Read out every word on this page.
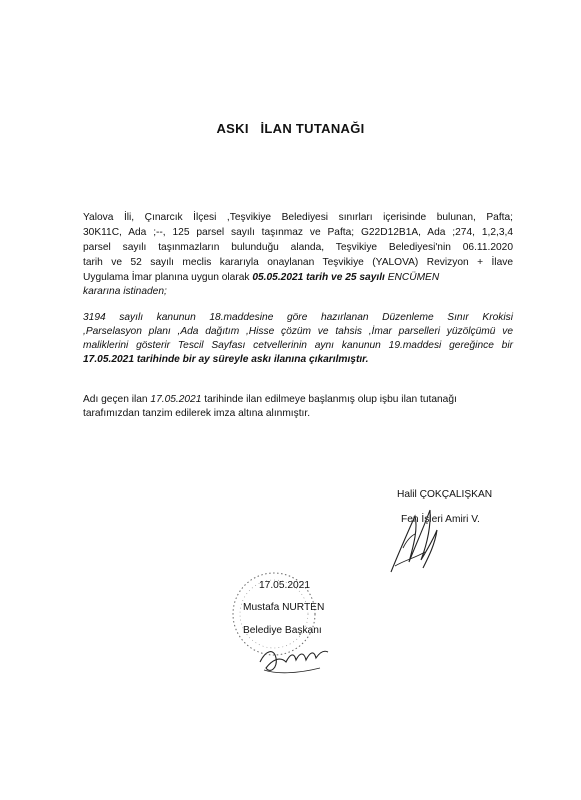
ASKI   İLAN TUTANAĞI
Yalova İli, Çınarcık İlçesi ,Teşvikiye Belediyesi sınırları içerisinde bulunan, Pafta;
30K11C, Ada ;--, 125 parsel sayılı taşınmaz ve Pafta; G22D12B1A, Ada ;274, 1,2,3,4
parsel sayılı taşınmazların bulunduğu alanda, Teşvikiye Belediyesi'nin 06.11.2020
tarih ve 52 sayılı meclis kararıyla onaylanan Teşvikiye (YALOVA) Revizyon + İlave
Uygulama İmar planına uygun olarak 05.05.2021 tarih ve 25 sayılı ENCÜMEN
kararına istinaden;
3194 sayılı kanunun 18.maddesine göre hazırlanan Düzenleme Sınır Krokisi
,Parselasyon planı ,Ada dağıtım ,Hisse çözüm ve tahsis ,İmar parselleri yüzölçümü ve
maliklerini gösterir Tescil Sayfası cetvellerinin aynı kanunun 19.maddesi gereğince bir
17.05.2021 tarihinde bir ay süreyle askı ilanına çıkarılmıştır.
Adı geçen ilan 17.05.2021 tarihinde ilan edilmeye başlanmış olup işbu ilan tutanağı
tarafımızdan tanzim edilerek imza altına alınmıştır.
Halil ÇOKÇALIŞKAN
Fen İşleri Amiri V.
17.05.2021
Mustafa NURTEN
Belediye Başkanı
